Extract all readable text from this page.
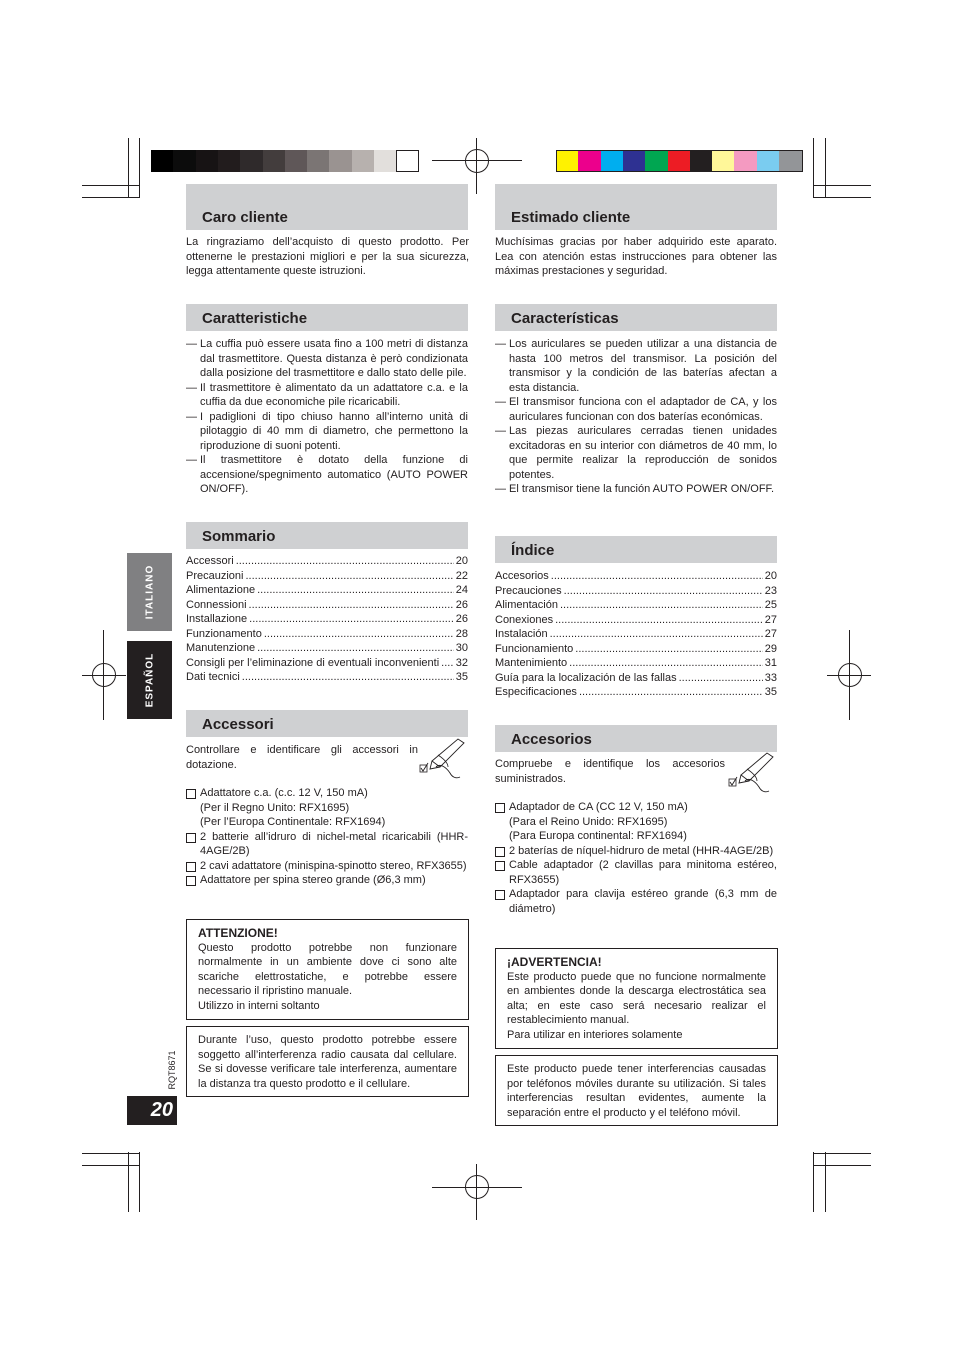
ITALIANO
ESPAÑOL
RQT8671
20
Caro cliente

La ringraziamo dell’acquisto di questo prodotto. Per ottenerne le prestazioni migliori e per la sua sicurezza, legga attentamente queste istruzioni.

Caratteristiche

— La cuffia può essere usata fino a 100 metri di distanza dal trasmettitore. Questa distanza è però condizionata dalla posizione del trasmettitore e dallo stato delle pile.

— Il trasmettitore è alimentato da un adattatore c.a. e la cuffia da due economiche pile ricaricabili.

— I padiglioni di tipo chiuso hanno all’interno unità di pilotaggio di 40 mm di diametro, che permettono la riproduzione di suoni potenti.

— Il trasmettitore è dotato della funzione di accensione/spegnimento automatico (AUTO POWER ON/OFF).

Sommario
Accessori .....	20
Precauzioni .....	22
Alimentazione .....	24
Connessioni .....	26
Installazione .....	26
Funzionamento .....	28
Manutenzione .....	30
Consigli per l’eliminazione di eventuali inconvenienti ..... 32
Dati tecnici .....	35
Accessori

Controllare e identificare gli accessori in dotazione.

Adattatore c.a. (c.c. 12 V, 150 mA)
(Per il Regno Unito: RFX1695)
(Per l’Europa Continentale: RFX1694)

2 batterie all’idruro di nichel-metal ricaricabili (HHR-4AGE/2B)

2 cavi adattatore (minispina-spinotto stereo, RFX3655)

Adattatore per spina stereo grande (Ø6,3 mm)

ATTENZIONE!

Questo prodotto potrebbe non funzionare normalmente in un ambiente dove ci sono alte scariche elettrostatiche, e potrebbe essere necessario il ripristino manuale.

Utilizzo in interni soltanto

Durante l’uso, questo prodotto potrebbe essere soggetto all’interferenza radio causata dal cellulare. Se si dovesse verificare tale interferenza, aumentare la distanza tra questo prodotto e il cellulare.

Estimado cliente

Muchísimas gracias por haber adquirido este aparato. Lea con atención estas instrucciones para obtener las máximas prestaciones y seguridad.

Características

— Los auriculares se pueden utilizar a una distancia de hasta 100 metros del transmisor. La posición del transmisor y la condición de las baterías afectan a esta distancia.

— El transmisor funciona con el adaptador de CA, y los auriculares funcionan con dos baterías económicas.

— Las piezas auriculares cerradas tienen unidades excitadoras en su interior con diámetros de 40 mm, lo que permite realizar la reproducción de sonidos potentes.

— El transmisor tiene la función AUTO POWER ON/OFF.

Índice
Accesorios .....	20
Precauciones .....	23
Alimentación .....	25
Conexiones .....	27
Instalación .....	27
Funcionamiento .....	29
Mantenimiento .....	31
Guía para la localización de las fallas .....	33
Especificaciones .....	35
Accesorios

Compruebe e identifique los accesorios suministrados.

Adaptador de CA (CC 12 V, 150 mA)
(Para el Reino Unido: RFX1695)
(Para Europa continental: RFX1694)

2 baterías de níquel-hidruro de metal (HHR-4AGE/2B)

Cable adaptador (2 clavillas para minitoma estéreo, RFX3655)

Adaptador para clavija estéreo grande (6,3 mm de diámetro)

¡ADVERTENCIA!

Este producto puede que no funcione normalmente en ambientes donde la descarga electrostática sea alta; en este caso será necesario realizar el restablecimiento manual.

Para utilizar en interiores solamente

Este producto puede tener interferencias causadas por teléfonos móviles durante su utilización. Si tales interferencias resultan evidentes, aumente la separación entre el producto y el teléfono móvil.
